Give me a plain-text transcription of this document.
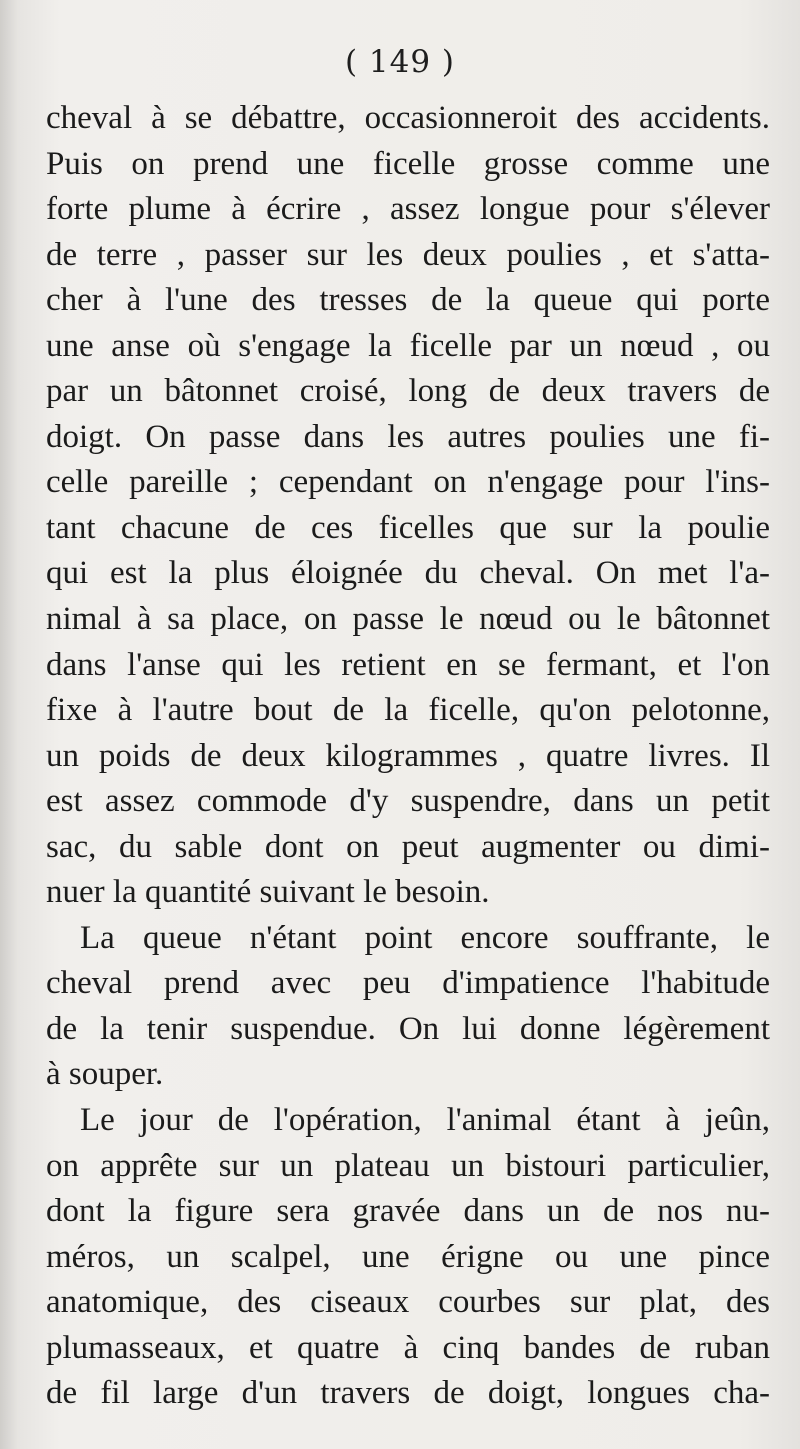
( 149 )
cheval à se débattre, occasionneroit des accidents.
Puis on prend une ficelle grosse comme une
forte plume à écrire , assez longue pour s'élever
de terre , passer sur les deux poulies , et s'atta-
cher à l'une des tresses de la queue qui porte
une anse où s'engage la ficelle par un nœud , ou
par un bâtonnet croisé, long de deux travers de
doigt. On passe dans les autres poulies une fi-
celle pareille ; cependant on n'engage pour l'ins-
tant chacune de ces ficelles que sur la poulie
qui est la plus éloignée du cheval. On met l'a-
nimal à sa place, on passe le nœud ou le bâtonnet
dans l'anse qui les retient en se fermant, et l'on
fixe à l'autre bout de la ficelle, qu'on pelotonne,
un poids de deux kilogrammes , quatre livres. Il
est assez commode d'y suspendre, dans un petit
sac, du sable dont on peut augmenter ou dimi-
nuer la quantité suivant le besoin.
La queue n'étant point encore souffrante, le
cheval prend avec peu d'impatience l'habitude
de la tenir suspendue. On lui donne légèrement
à souper.
Le jour de l'opération, l'animal étant à jeûn,
on apprête sur un plateau un bistouri particulier,
dont la figure sera gravée dans un de nos nu-
méros, un scalpel, une érigne ou une pince
anatomique, des ciseaux courbes sur plat, des
plumasseaux, et quatre à cinq bandes de ruban
de fil large d'un travers de doigt, longues cha-
